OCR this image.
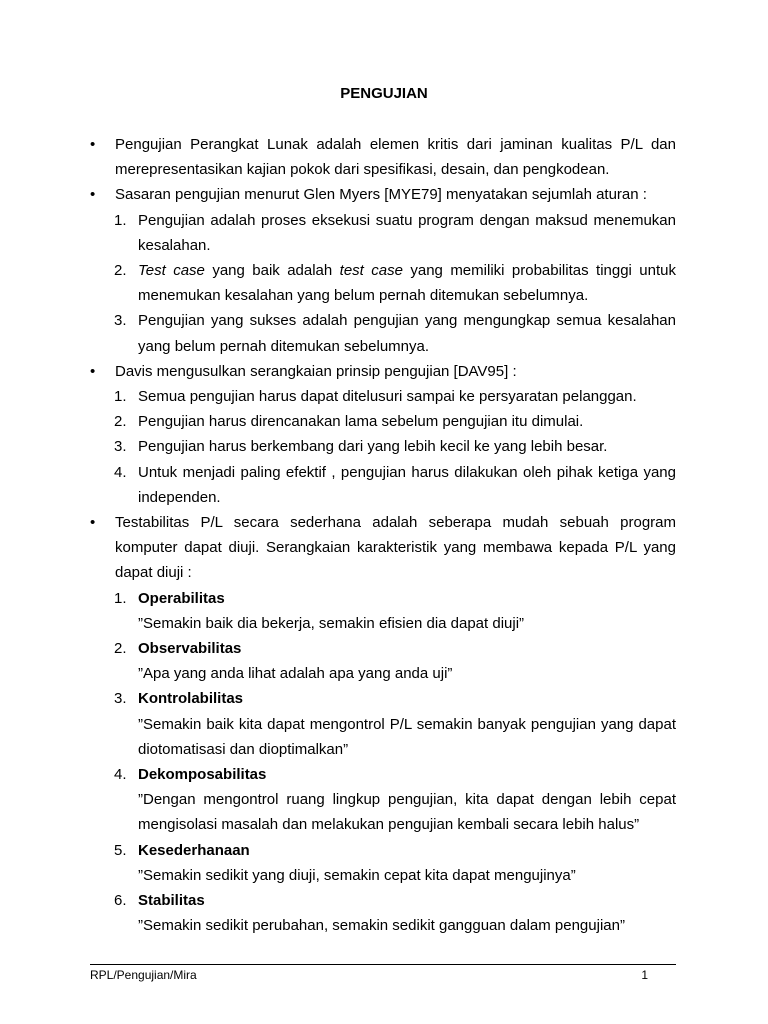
PENGUJIAN
• Pengujian Perangkat Lunak adalah elemen kritis dari jaminan kualitas P/L dan merepresentasikan kajian pokok dari spesifikasi, desain, dan pengkodean.
• Sasaran pengujian menurut Glen Myers [MYE79] menyatakan sejumlah aturan :
1. Pengujian adalah proses eksekusi suatu program dengan maksud menemukan kesalahan.
2. Test case yang baik adalah test case yang memiliki probabilitas tinggi untuk menemukan kesalahan yang belum pernah ditemukan sebelumnya.
3. Pengujian yang sukses adalah pengujian yang mengungkap semua kesalahan yang belum pernah ditemukan sebelumnya.
• Davis mengusulkan serangkaian prinsip pengujian [DAV95] :
1. Semua pengujian harus dapat ditelusuri sampai ke persyaratan pelanggan.
2. Pengujian harus direncanakan lama sebelum pengujian itu dimulai.
3. Pengujian harus berkembang dari yang lebih kecil ke yang lebih besar.
4. Untuk menjadi paling efektif , pengujian harus dilakukan oleh pihak ketiga yang independen.
• Testabilitas P/L secara sederhana adalah seberapa mudah sebuah program komputer dapat diuji. Serangkaian karakteristik yang membawa kepada P/L yang dapat diuji :
1. Operabilitas
”Semakin baik dia bekerja, semakin efisien dia dapat diuji”
2. Observabilitas
”Apa yang anda lihat adalah apa yang anda uji”
3. Kontrolabilitas
”Semakin baik kita dapat mengontrol P/L semakin banyak pengujian yang dapat diotomatisasi dan dioptimalkan”
4. Dekomposabilitas
”Dengan mengontrol ruang lingkup pengujian, kita dapat dengan lebih cepat mengisolasi masalah dan melakukan pengujian kembali secara lebih halus”
5. Kesederhanaan
”Semakin sedikit yang diuji, semakin cepat kita dapat mengujinya”
6. Stabilitas
”Semakin sedikit perubahan, semakin sedikit gangguan dalam pengujian”
RPL/Pengujian/Mira	1
